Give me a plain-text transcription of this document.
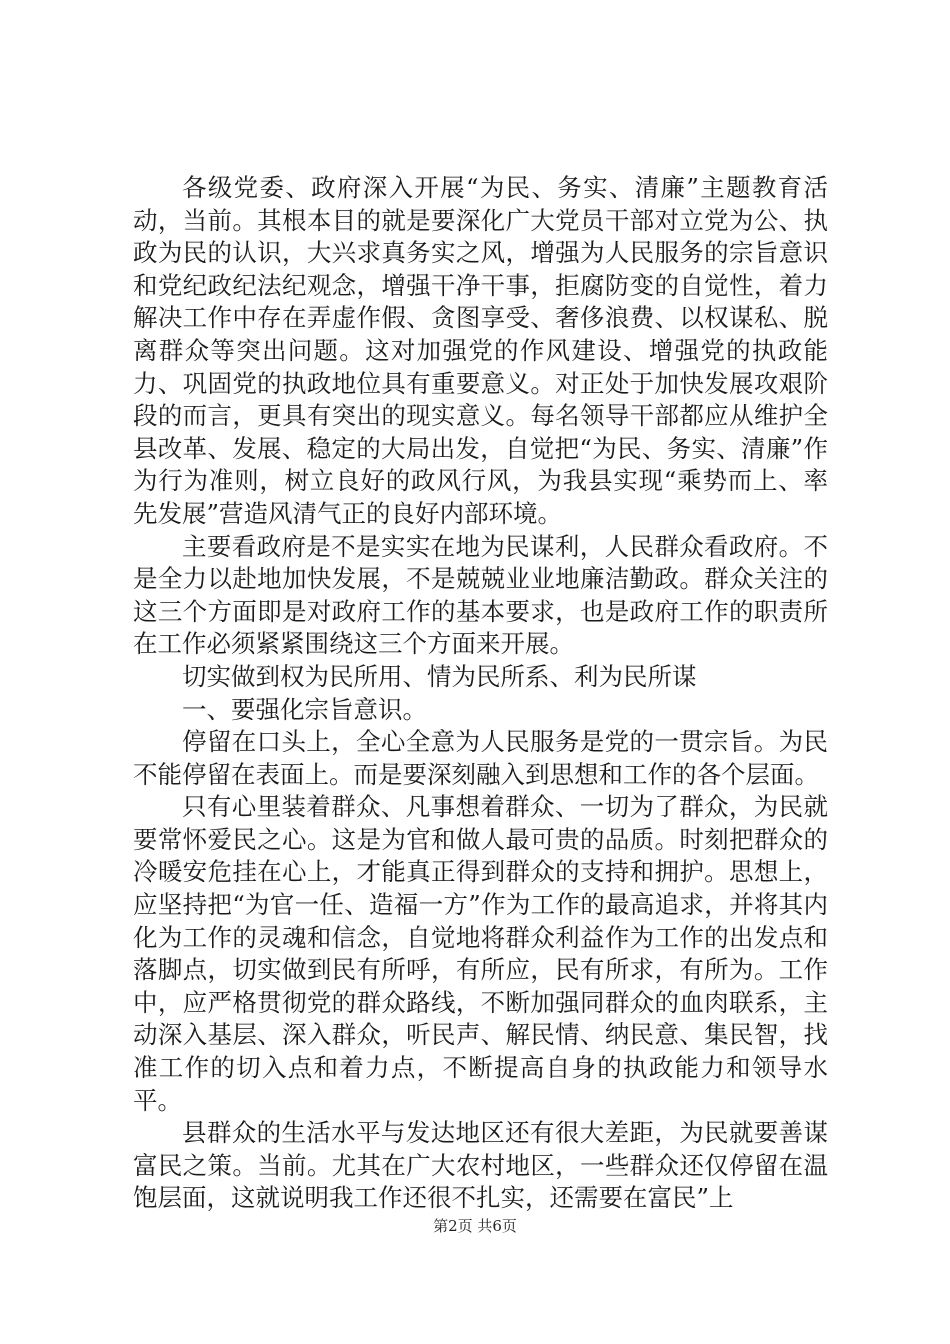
各级党委、政府深入开展“为民、务实、清廉”主题教育活动，当前。其根本目的就是要深化广大党员干部对立党为公、执政为民的认识，大兴求真务实之风，增强为人民服务的宗旨意识和党纪政纪法纪观念，增强干净干事，拒腐防变的自觉性，着力解决工作中存在弄虚作假、贪图享受、奢侈浪费、以权谋私、脱离群众等突出问题。这对加强党的作风建设、增强党的执政能力、巩固党的执政地位具有重要意义。对正处于加快发展攻艰阶段的而言，更具有突出的现实意义。每名领导干部都应从维护全县改革、发展、稳定的大局出发，自觉把“为民、务实、清廉”作为行为准则，树立良好的政风行风，为我县实现“乘势而上、率先发展”营造风清气正的良好内部环境。

主要看政府是不是实实在地为民谋利，人民群众看政府。不是全力以赴地加快发展，不是兢兢业业地廉洁勤政。群众关注的这三个方面即是对政府工作的基本要求，也是政府工作的职责所在工作必须紧紧围绕这三个方面来开展。

切实做到权为民所用、情为民所系、利为民所谋

一、要强化宗旨意识。

停留在口头上，全心全意为人民服务是党的一贯宗旨。为民不能停留在表面上。而是要深刻融入到思想和工作的各个层面。

只有心里装着群众、凡事想着群众、一切为了群众，为民就要常怀爱民之心。这是为官和做人最可贵的品质。时刻把群众的冷暖安危挂在心上，才能真正得到群众的支持和拥护。思想上，应坚持把“为官一任、造福一方”作为工作的最高追求，并将其内化为工作的灵魂和信念，自觉地将群众利益作为工作的出发点和落脚点，切实做到民有所呼，有所应，民有所求，有所为。工作中，应严格贯彻党的群众路线，不断加强同群众的血肉联系，主动深入基层、深入群众，听民声、解民情、纳民意、集民智，找准工作的切入点和着力点，不断提高自身的执政能力和领导水平。

县群众的生活水平与发达地区还有很大差距，为民就要善谋富民之策。当前。尤其在广大农村地区，一些群众还仅停留在温饱层面，这就说明我工作还很不扎实，还需要在富民”上

第2页 共6页
